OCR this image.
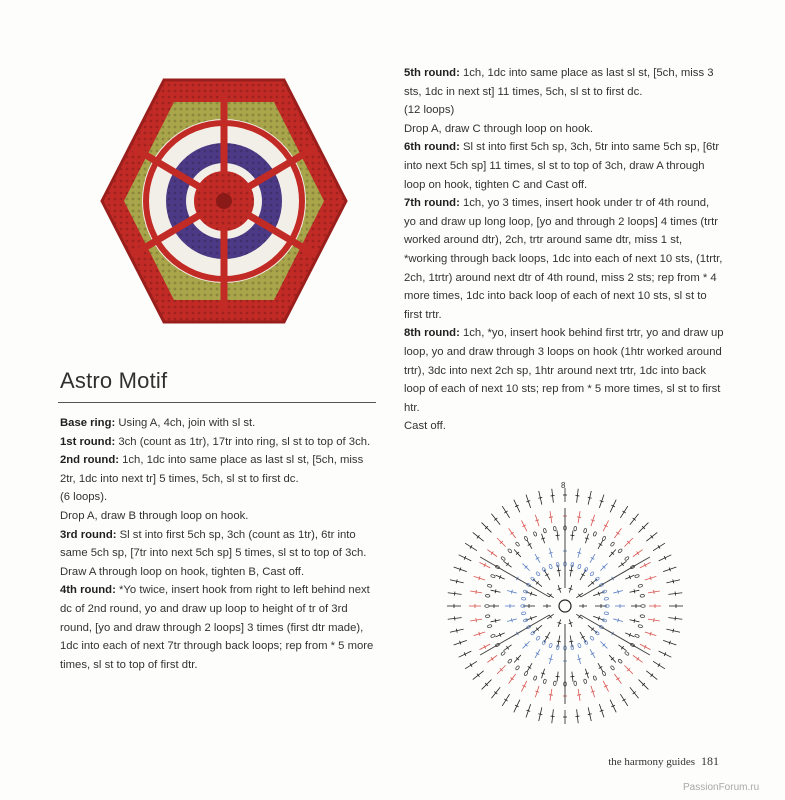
Astro Motif

Base ring: Using A, 4ch, join with sl st.

1st round: 3ch (count as 1tr), 17tr into ring, sl st to top of 3ch.

2nd round: 1ch, 1dc into same place as last sl st, [5ch, miss 2tr, 1dc into next tr] 5 times, 5ch, sl st to first dc.

(6 loops).

Drop A, draw B through loop on hook.

3rd round: Sl st into first 5ch sp, 3ch (count as 1tr), 6tr into same 5ch sp, [7tr into next 5ch sp] 5 times, sl st to top of 3ch.

Draw A through loop on hook, tighten B, Cast off.

4th round: *Yo twice, insert hook from right to left behind next dc of 2nd round, yo and draw up loop to height of tr of 3rd round, [yo and draw through 2 loops] 3 times (first dtr made), 1dc into each of next 7tr through back loops; rep from * 5 more times, sl st to top of first dtr.

5th round: 1ch, 1dc into same place as last sl st, [5ch, miss 3 sts, 1dc in next st] 11 times, 5ch, sl st to first dc.

(12 loops)

Drop A, draw C through loop on hook.

6th round: Sl st into first 5ch sp, 3ch, 5tr into same 5ch sp, [6tr into next 5ch sp] 11 times, sl st to top of 3ch, draw A through loop on hook, tighten C and Cast off.

7th round: 1ch, yo 3 times, insert hook under tr of 4th round, yo and draw up long loop, [yo and through 2 loops] 4 times (trtr worked around dtr), 2ch, trtr around same dtr, miss 1 st, *working through back loops, 1dc into each of next 10 sts, (1trtr, 2ch, 1trtr) around next dtr of 4th round, miss 2 sts; rep from * 4 more times, 1dc into back loop of each of next 10 sts, sl st to first trtr.

8th round: 1ch, *yo, insert hook behind first trtr, yo and draw up loop, yo and draw through 3 loops on hook (1htr worked around trtr), 3dc into next 2ch sp, 1htr around next trtr, 1dc into back loop of each of next 10 sts; rep from * 5 more times, sl st to first htr.

Cast off.

8
the harmony guides 181
PassionForum.ru
